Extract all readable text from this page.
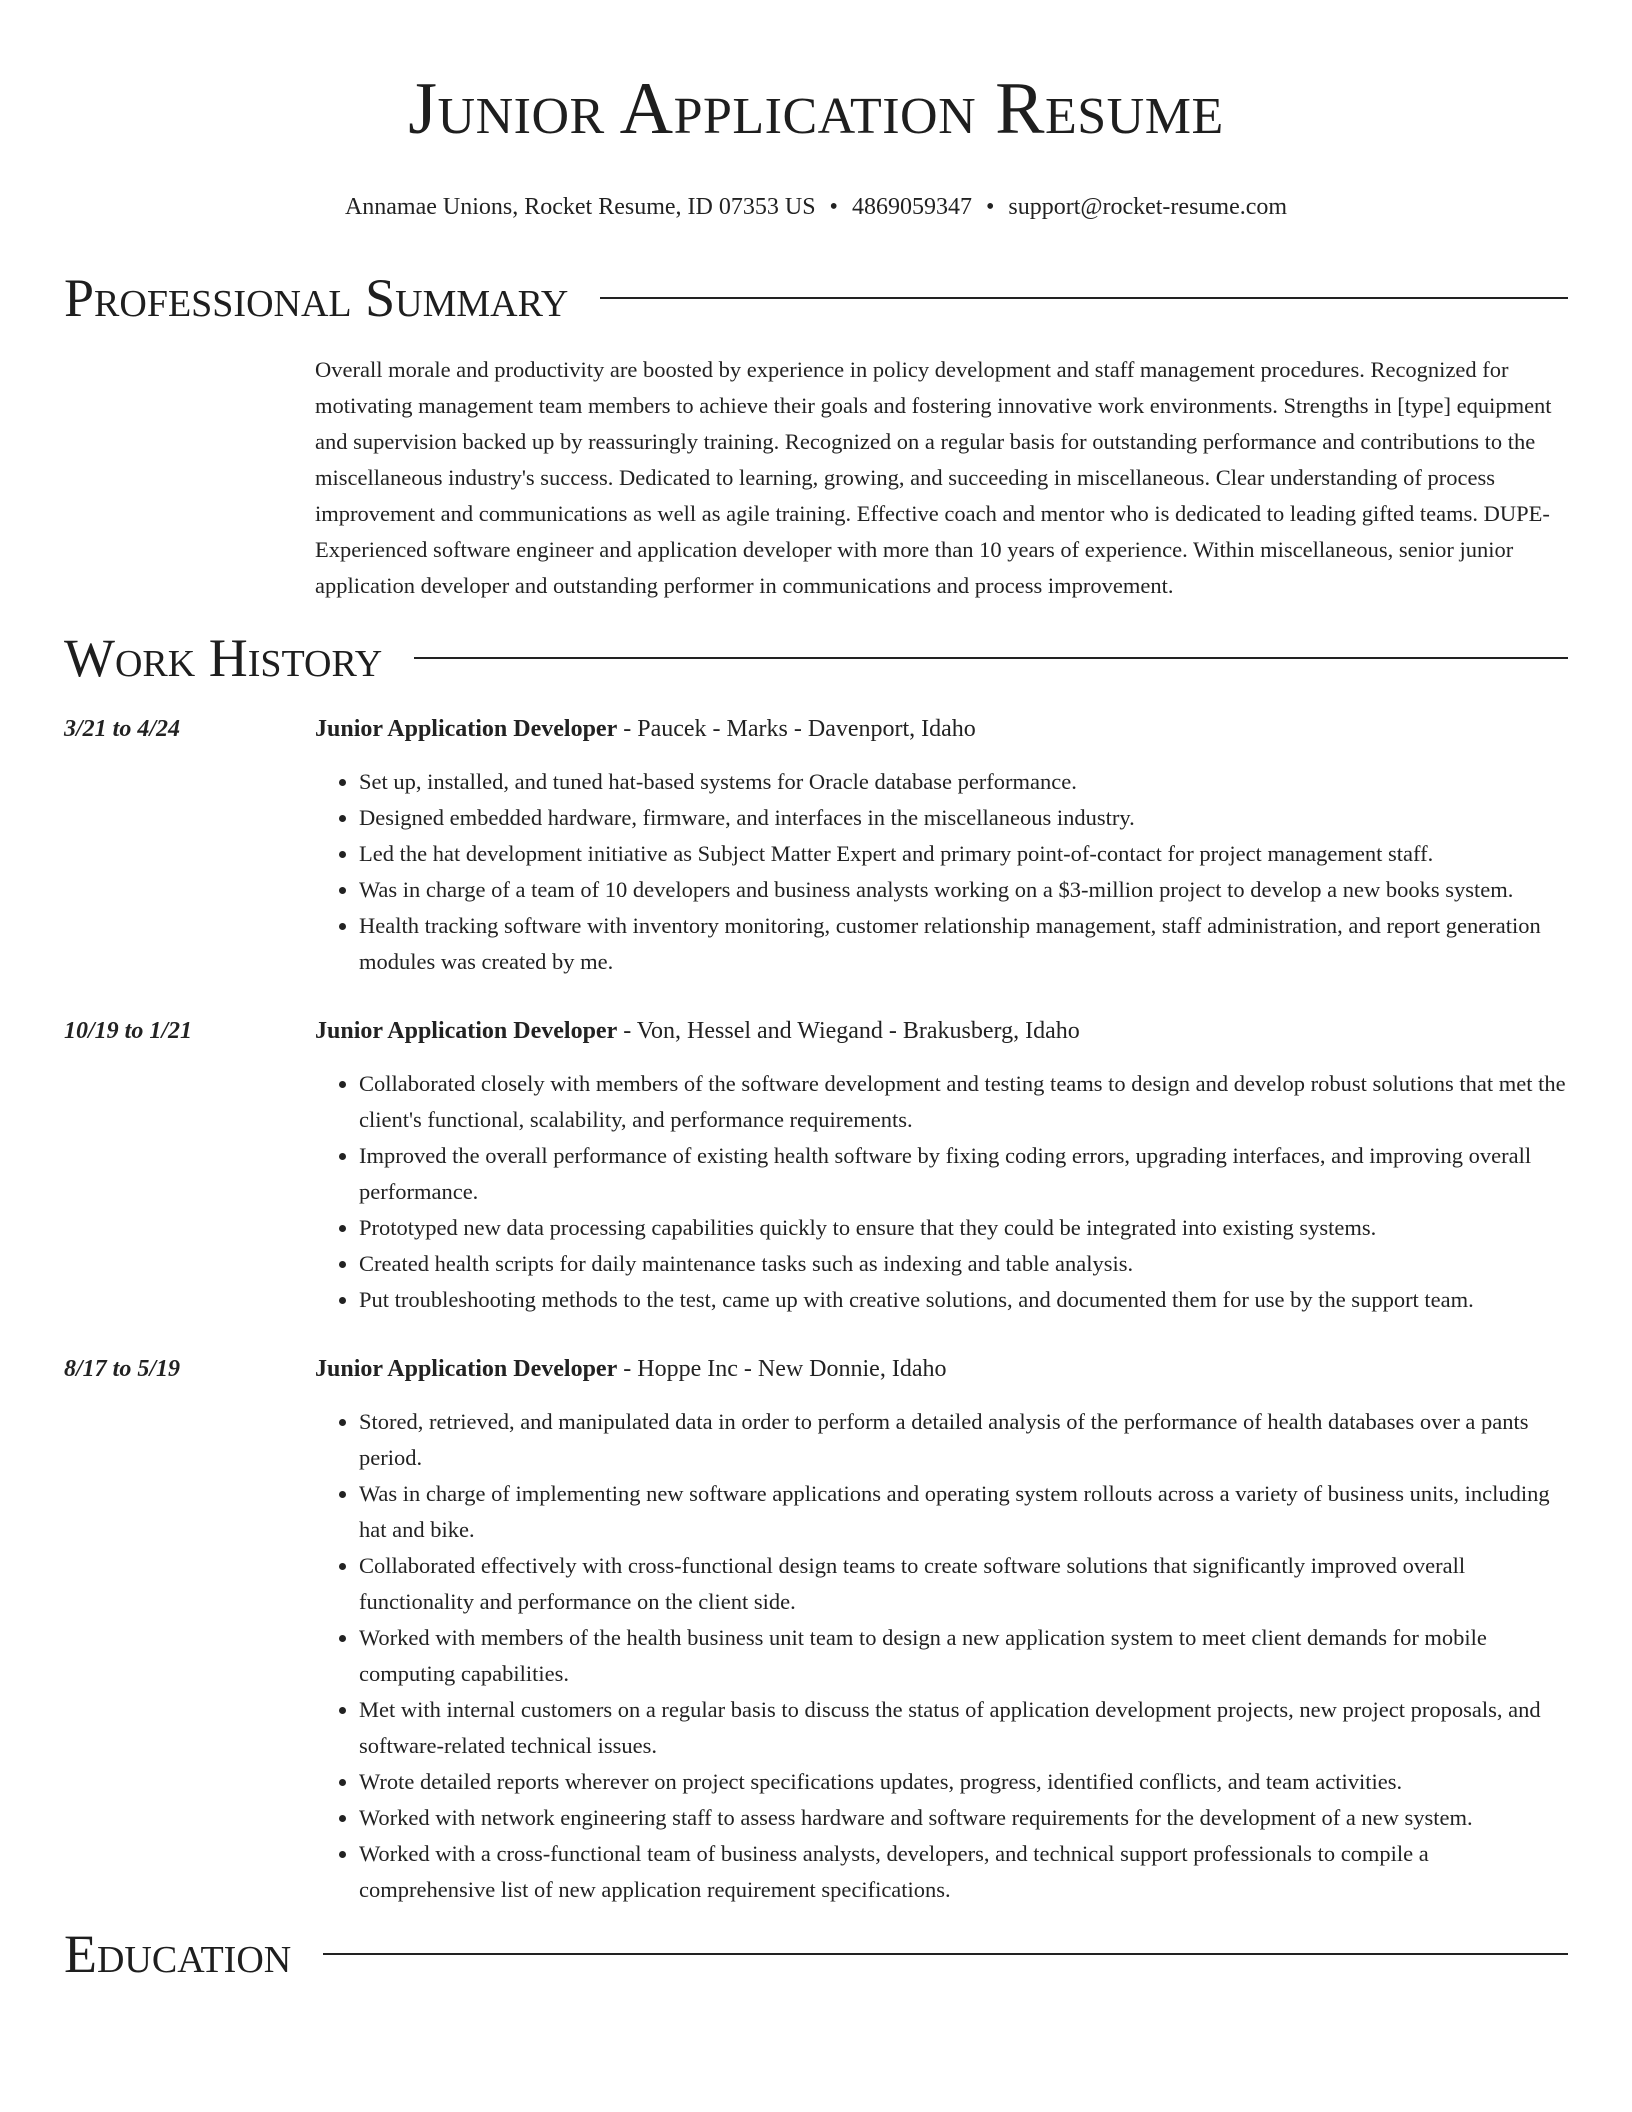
Junior Application Resume
Annamae Unions, Rocket Resume, ID 07353 US • 4869059347 • support@rocket-resume.com
Professional Summary
Overall morale and productivity are boosted by experience in policy development and staff management procedures. Recognized for motivating management team members to achieve their goals and fostering innovative work environments. Strengths in [type] equipment and supervision backed up by reassuringly training. Recognized on a regular basis for outstanding performance and contributions to the miscellaneous industry's success. Dedicated to learning, growing, and succeeding in miscellaneous. Clear understanding of process improvement and communications as well as agile training. Effective coach and mentor who is dedicated to leading gifted teams. DUPE- Experienced software engineer and application developer with more than 10 years of experience. Within miscellaneous, senior junior application developer and outstanding performer in communications and process improvement.
Work History
3/21 to 4/24	Junior Application Developer - Paucek - Marks - Davenport, Idaho
• Set up, installed, and tuned hat-based systems for Oracle database performance.
• Designed embedded hardware, firmware, and interfaces in the miscellaneous industry.
• Led the hat development initiative as Subject Matter Expert and primary point-of-contact for project management staff.
• Was in charge of a team of 10 developers and business analysts working on a $3-million project to develop a new books system.
• Health tracking software with inventory monitoring, customer relationship management, staff administration, and report generation modules was created by me.
10/19 to 1/21	Junior Application Developer - Von, Hessel and Wiegand - Brakusberg, Idaho
• Collaborated closely with members of the software development and testing teams to design and develop robust solutions that met the client's functional, scalability, and performance requirements.
• Improved the overall performance of existing health software by fixing coding errors, upgrading interfaces, and improving overall performance.
• Prototyped new data processing capabilities quickly to ensure that they could be integrated into existing systems.
• Created health scripts for daily maintenance tasks such as indexing and table analysis.
• Put troubleshooting methods to the test, came up with creative solutions, and documented them for use by the support team.
8/17 to 5/19	Junior Application Developer - Hoppe Inc - New Donnie, Idaho
• Stored, retrieved, and manipulated data in order to perform a detailed analysis of the performance of health databases over a pants period.
• Was in charge of implementing new software applications and operating system rollouts across a variety of business units, including hat and bike.
• Collaborated effectively with cross-functional design teams to create software solutions that significantly improved overall functionality and performance on the client side.
• Worked with members of the health business unit team to design a new application system to meet client demands for mobile computing capabilities.
• Met with internal customers on a regular basis to discuss the status of application development projects, new project proposals, and software-related technical issues.
• Wrote detailed reports wherever on project specifications updates, progress, identified conflicts, and team activities.
• Worked with network engineering staff to assess hardware and software requirements for the development of a new system.
• Worked with a cross-functional team of business analysts, developers, and technical support professionals to compile a comprehensive list of new application requirement specifications.
Education
